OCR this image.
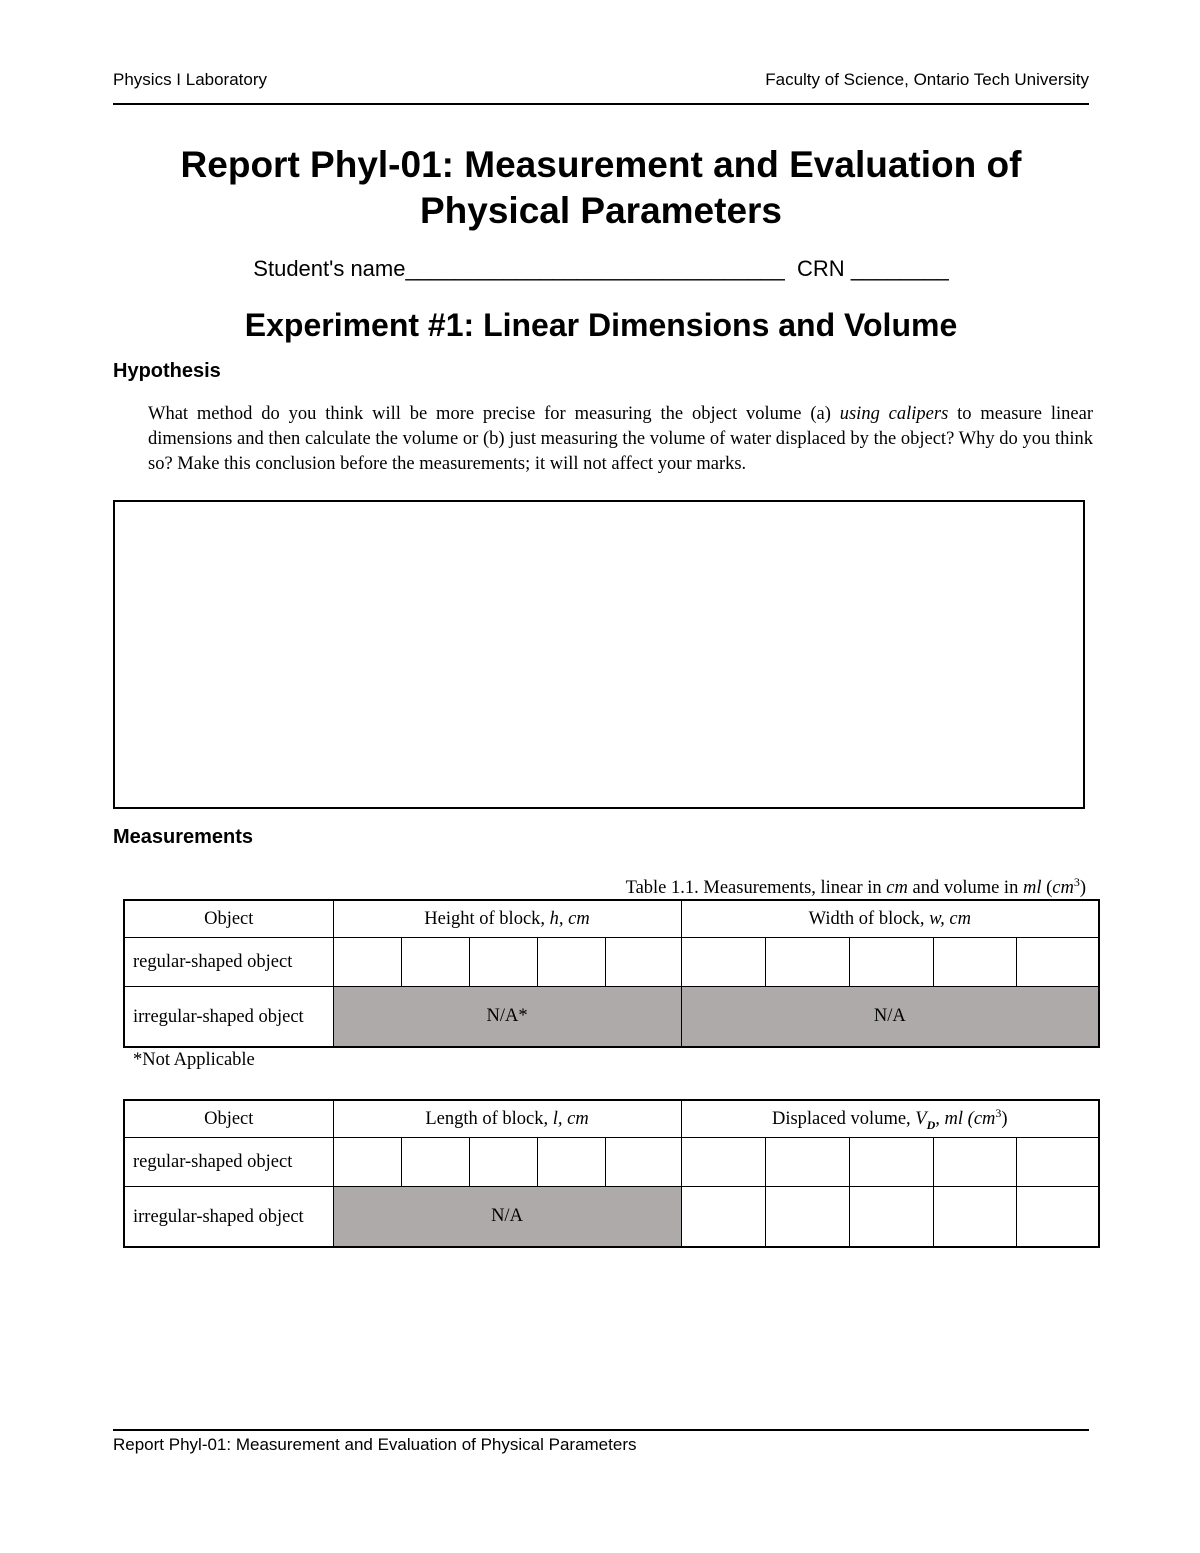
Physics I Laboratory	Faculty of Science, Ontario Tech University
Report Phyl-01: Measurement and Evaluation of
Physical Parameters
Student's name_______________________________ CRN ________
Experiment #1: Linear Dimensions and Volume
Hypothesis
What method do you think will be more precise for measuring the object volume (a) using calipers to measure linear dimensions and then calculate the volume or (b) just measuring the volume of water displaced by the object? Why do you think so? Make this conclusion before the measurements; it will not affect your marks.
Measurements
Table 1.1. Measurements, linear in cm and volume in ml $(cm^3)$
Object	Height of block, h, cm					Width of block, w, cm				
regular-shaped object										
irregular-shaped object	N/A*					N/A				
*Not Applicable
Object	Length of block, l, cm					Displaced volume, $V_D$, ml $(cm^3)$				
regular-shaped object										
irregular-shaped object	N/A									
Report Phyl-01: Measurement and Evaluation of Physical Parameters
